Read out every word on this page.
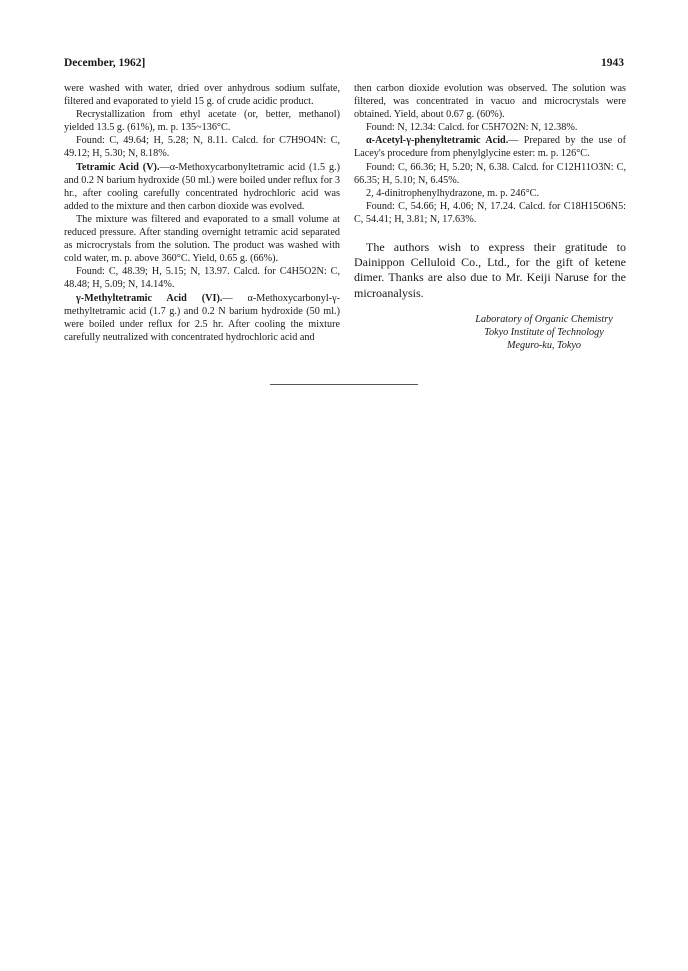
December, 1962]	1943

were washed with water, dried over anhydrous sodium sulfate, filtered and evaporated to yield 15 g. of crude acidic product.

Recrystallization from ethyl acetate (or, better, methanol) yielded 13.5 g. (61%), m. p. 135~136°C.

Found: C, 49.64; H, 5.28; N, 8.11. Calcd. for C7H9O4N: C, 49.12; H, 5.30; N, 8.18%.

Tetramic Acid (V).—α-Methoxycarbonyltetramic acid (1.5 g.) and 0.2 N barium hydroxide (50 ml.) were boiled under reflux for 3 hr., after cooling carefully concentrated hydrochloric acid was added to the mixture and then carbon dioxide was evolved.

The mixture was filtered and evaporated to a small volume at reduced pressure. After standing overnight tetramic acid separated as microcrystals from the solution. The product was washed with cold water, m. p. above 360°C. Yield, 0.65 g. (66%).

Found: C, 48.39; H, 5.15; N, 13.97. Calcd. for C4H5O2N: C, 48.48; H, 5.09; N, 14.14%.

γ-Methyltetramic Acid (VI).— α-Methoxycarbonyl-γ-methyltetramic acid (1.7 g.) and 0.2 N barium hydroxide (50 ml.) were boiled under reflux for 2.5 hr. After cooling the mixture carefully neutralized with concentrated hydrochloric acid and

then carbon dioxide evolution was observed. The solution was filtered, was concentrated in vacuo and microcrystals were obtained. Yield, about 0.67 g. (60%).

Found: N, 12.34: Calcd. for C5H7O2N: N, 12.38%.

α-Acetyl-γ-phenyltetramic Acid.— Prepared by the use of Lacey's procedure from phenylglycine ester: m. p. 126°C.

Found: C, 66.36; H, 5.20; N, 6.38. Calcd. for C12H11O3N: C, 66.35; H, 5.10; N, 6.45%.

2, 4-dinitrophenylhydrazone, m. p. 246°C.

Found: C, 54.66; H, 4.06; N, 17.24. Calcd. for C18H15O6N5: C, 54.41; H, 3.81; N, 17.63%.

The authors wish to express their gratitude to Dainippon Celluloid Co., Ltd., for the gift of ketene dimer. Thanks are also due to Mr. Keiji Naruse for the microanalysis.

Laboratory of Organic Chemistry
Tokyo Institute of Technology
Meguro-ku, Tokyo
